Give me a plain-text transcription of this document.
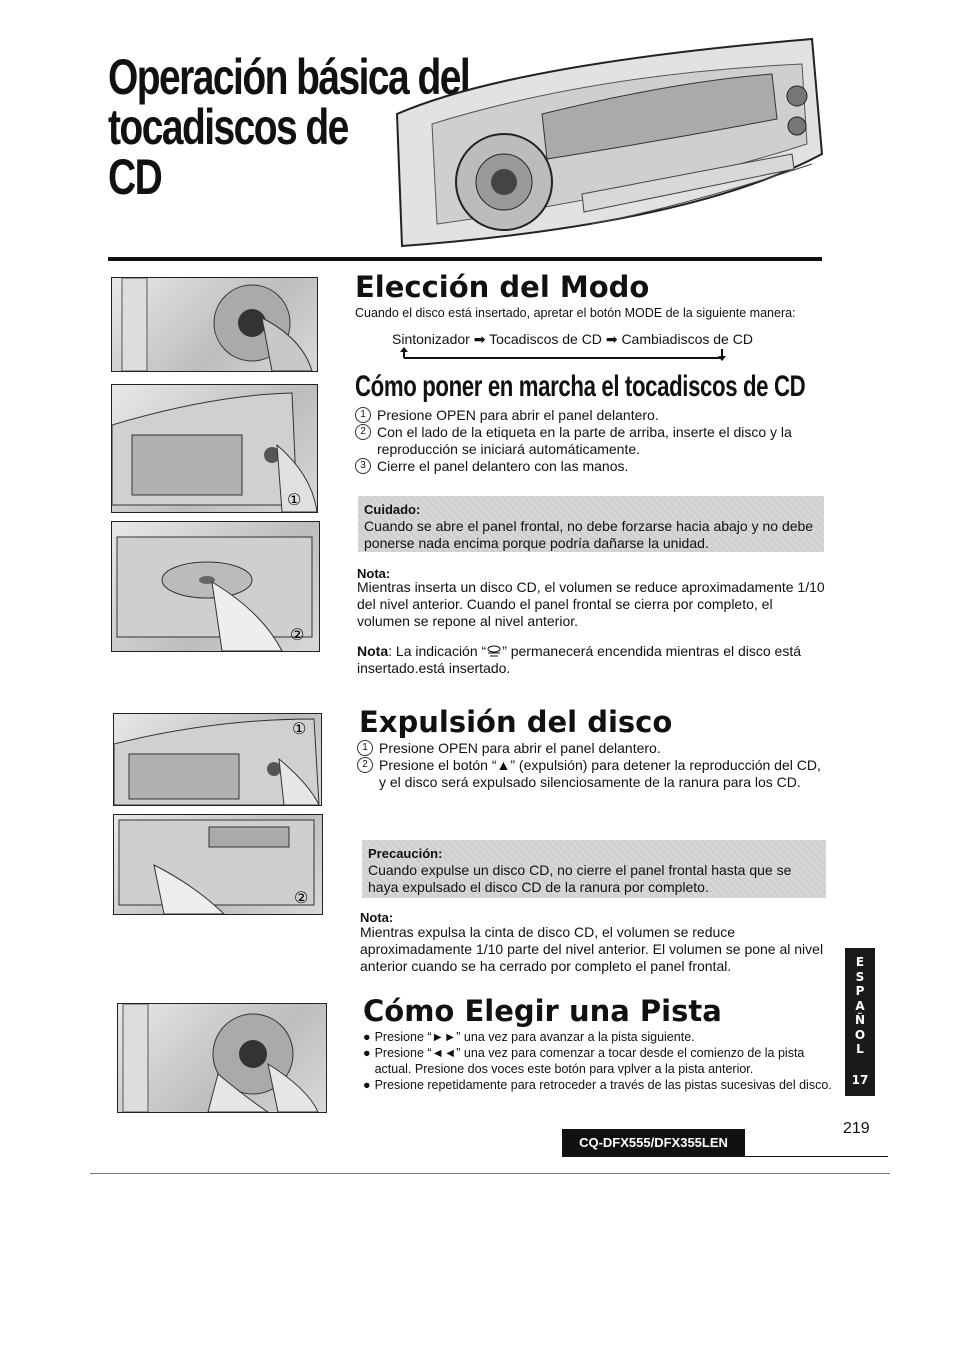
Operación básica del
tocadiscos de
CD
①
②
①
②
Elección del Modo
Cuando el disco está insertado, apretar el botón MODE de la siguiente manera:
Sintonizador ➡ Tocadiscos de CD ➡ Cambiadiscos de CD
Cómo poner en marcha el tocadiscos de CD
1 Presione OPEN para abrir el panel delantero.
2 Con el lado de la etiqueta en la parte de arriba, inserte el disco y la reproducción se iniciará automáticamente.
3 Cierre el panel delantero con las manos.
Cuidado:
Cuando se abre el panel frontal, no debe forzarse hacia abajo y no debe ponerse nada encima porque podría dañarse la unidad.
Nota:
Mientras inserta un disco CD, el volumen se reduce aproximadamente 1/10 del nivel anterior. Cuando el panel frontal se cierra por completo, el volumen se repone al nivel anterior.
Nota: La indicación “ ” permanecerá encendida mientras el disco está insertado.está insertado.
Expulsión del disco
1 Presione OPEN para abrir el panel delantero.
2 Presione el botón “▲” (expulsión) para detener la reproducción del CD, y el disco será expulsado silenciosamente de la ranura para los CD.
Precaución:
Cuando expulse un disco CD, no cierre el panel frontal hasta que se haya expulsado el disco CD de la ranura por completo.
Nota:
Mientras expulsa la cinta de disco CD, el volumen se reduce aproximadamente 1/10 parte del nivel anterior. El volumen se pone al nivel anterior cuando se ha cerrado por completo el panel frontal.
Cómo Elegir una Pista
● Presione “►►” una vez para avanzar a la pista siguiente.
● Presione “◄◄” una vez para comenzar a tocar desde el comienzo de la pista actual. Presione dos voces este botón para vplver a la pista anterior.
● Presione repetidamente para retroceder a través de las pistas sucesivas del disco.
E
S
P
A
Ñ
O
L
17
219
CQ-DFX555/DFX355LEN
